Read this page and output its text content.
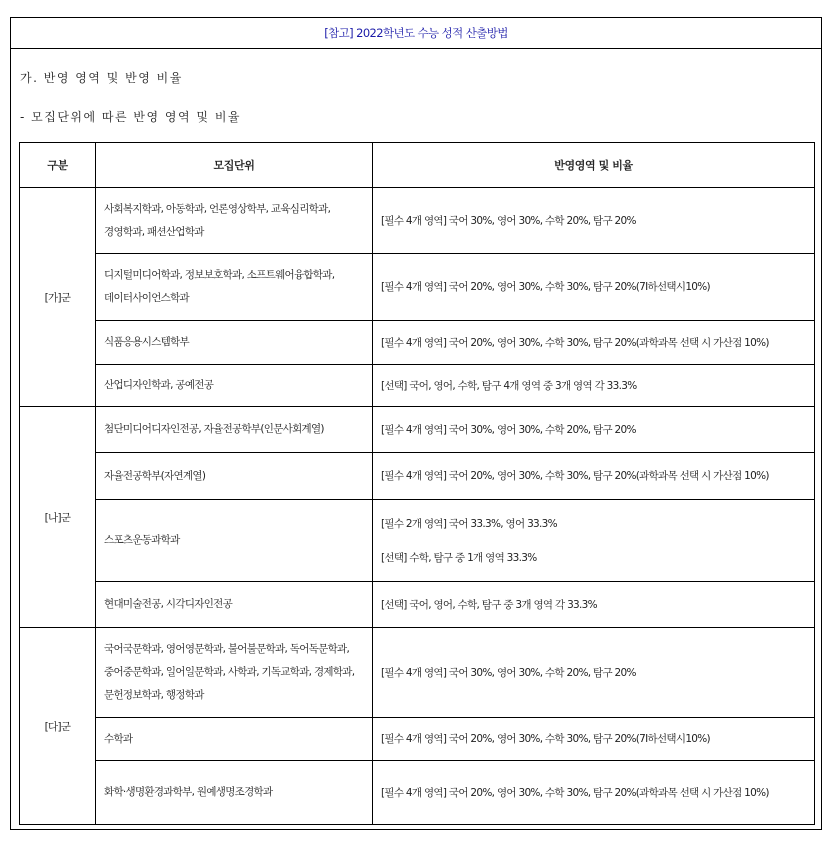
[참고] 2022학년도 수능 성적 산출방법
가. 반영 영역 및 반영 비율
- 모집단위에 따른 반영 영역 및 비율
구분	모집단위	반영영역 및 비율
[가]군	사회복지학과, 아동학과, 언론영상학부, 교육심리학과,
경영학과, 패션산업학과	[필수 4개 영역] 국어 30%, 영어 30%, 수학 20%, 탐구 20%

	디지털미디어학과, 정보보호학과, 소프트웨어융합학과,
데이터사이언스학과	[필수 4개 영역] 국어 20%, 영어 30%, 수학 30%, 탐구 20%(7I하선택시10%)

	식품응용시스템학부	[필수 4개 영역] 국어 20%, 영어 30%, 수학 30%, 탐구 20%(과학과목 선택 시 가산점 10%)

	산업디자인학과, 공예전공	[선택] 국어, 영어, 수학, 탐구 4개 영역 중 3개 영역 각 33.3%

[나]군	첨단미디어디자인전공, 자율전공학부(인문사회계열)	[필수 4개 영역] 국어 30%, 영어 30%, 수학 20%, 탐구 20%

	자율전공학부(자연계열)	[필수 4개 영역] 국어 20%, 영어 30%, 수학 30%, 탐구 20%(과학과목 선택 시 가산점 10%)

	스포츠운동과학과	[필수 2개 영역] 국어 33.3%, 영어 33.3%
[선택] 수학, 탐구 중 1개 영역 33.3%

	현대미술전공, 시각디자인전공	[선택] 국어, 영어, 수학, 탐구 중 3개 영역 각 33.3%

[다]군	국어국문학과, 영어영문학과, 불어불문학과, 독어독문학과,
중어중문학과, 일어일문학과, 사학과, 기독교학과, 경제학과,
문헌정보학과, 행정학과	[필수 4개 영역] 국어 30%, 영어 30%, 수학 20%, 탐구 20%

	수학과	[필수 4개 영역] 국어 20%, 영어 30%, 수학 30%, 탐구 20%(7I하선택시10%)

	화학·생명환경과학부, 원예생명조경학과	[필수 4개 영역] 국어 20%, 영어 30%, 수학 30%, 탐구 20%(과학과목 선택 시 가산점 10%)
